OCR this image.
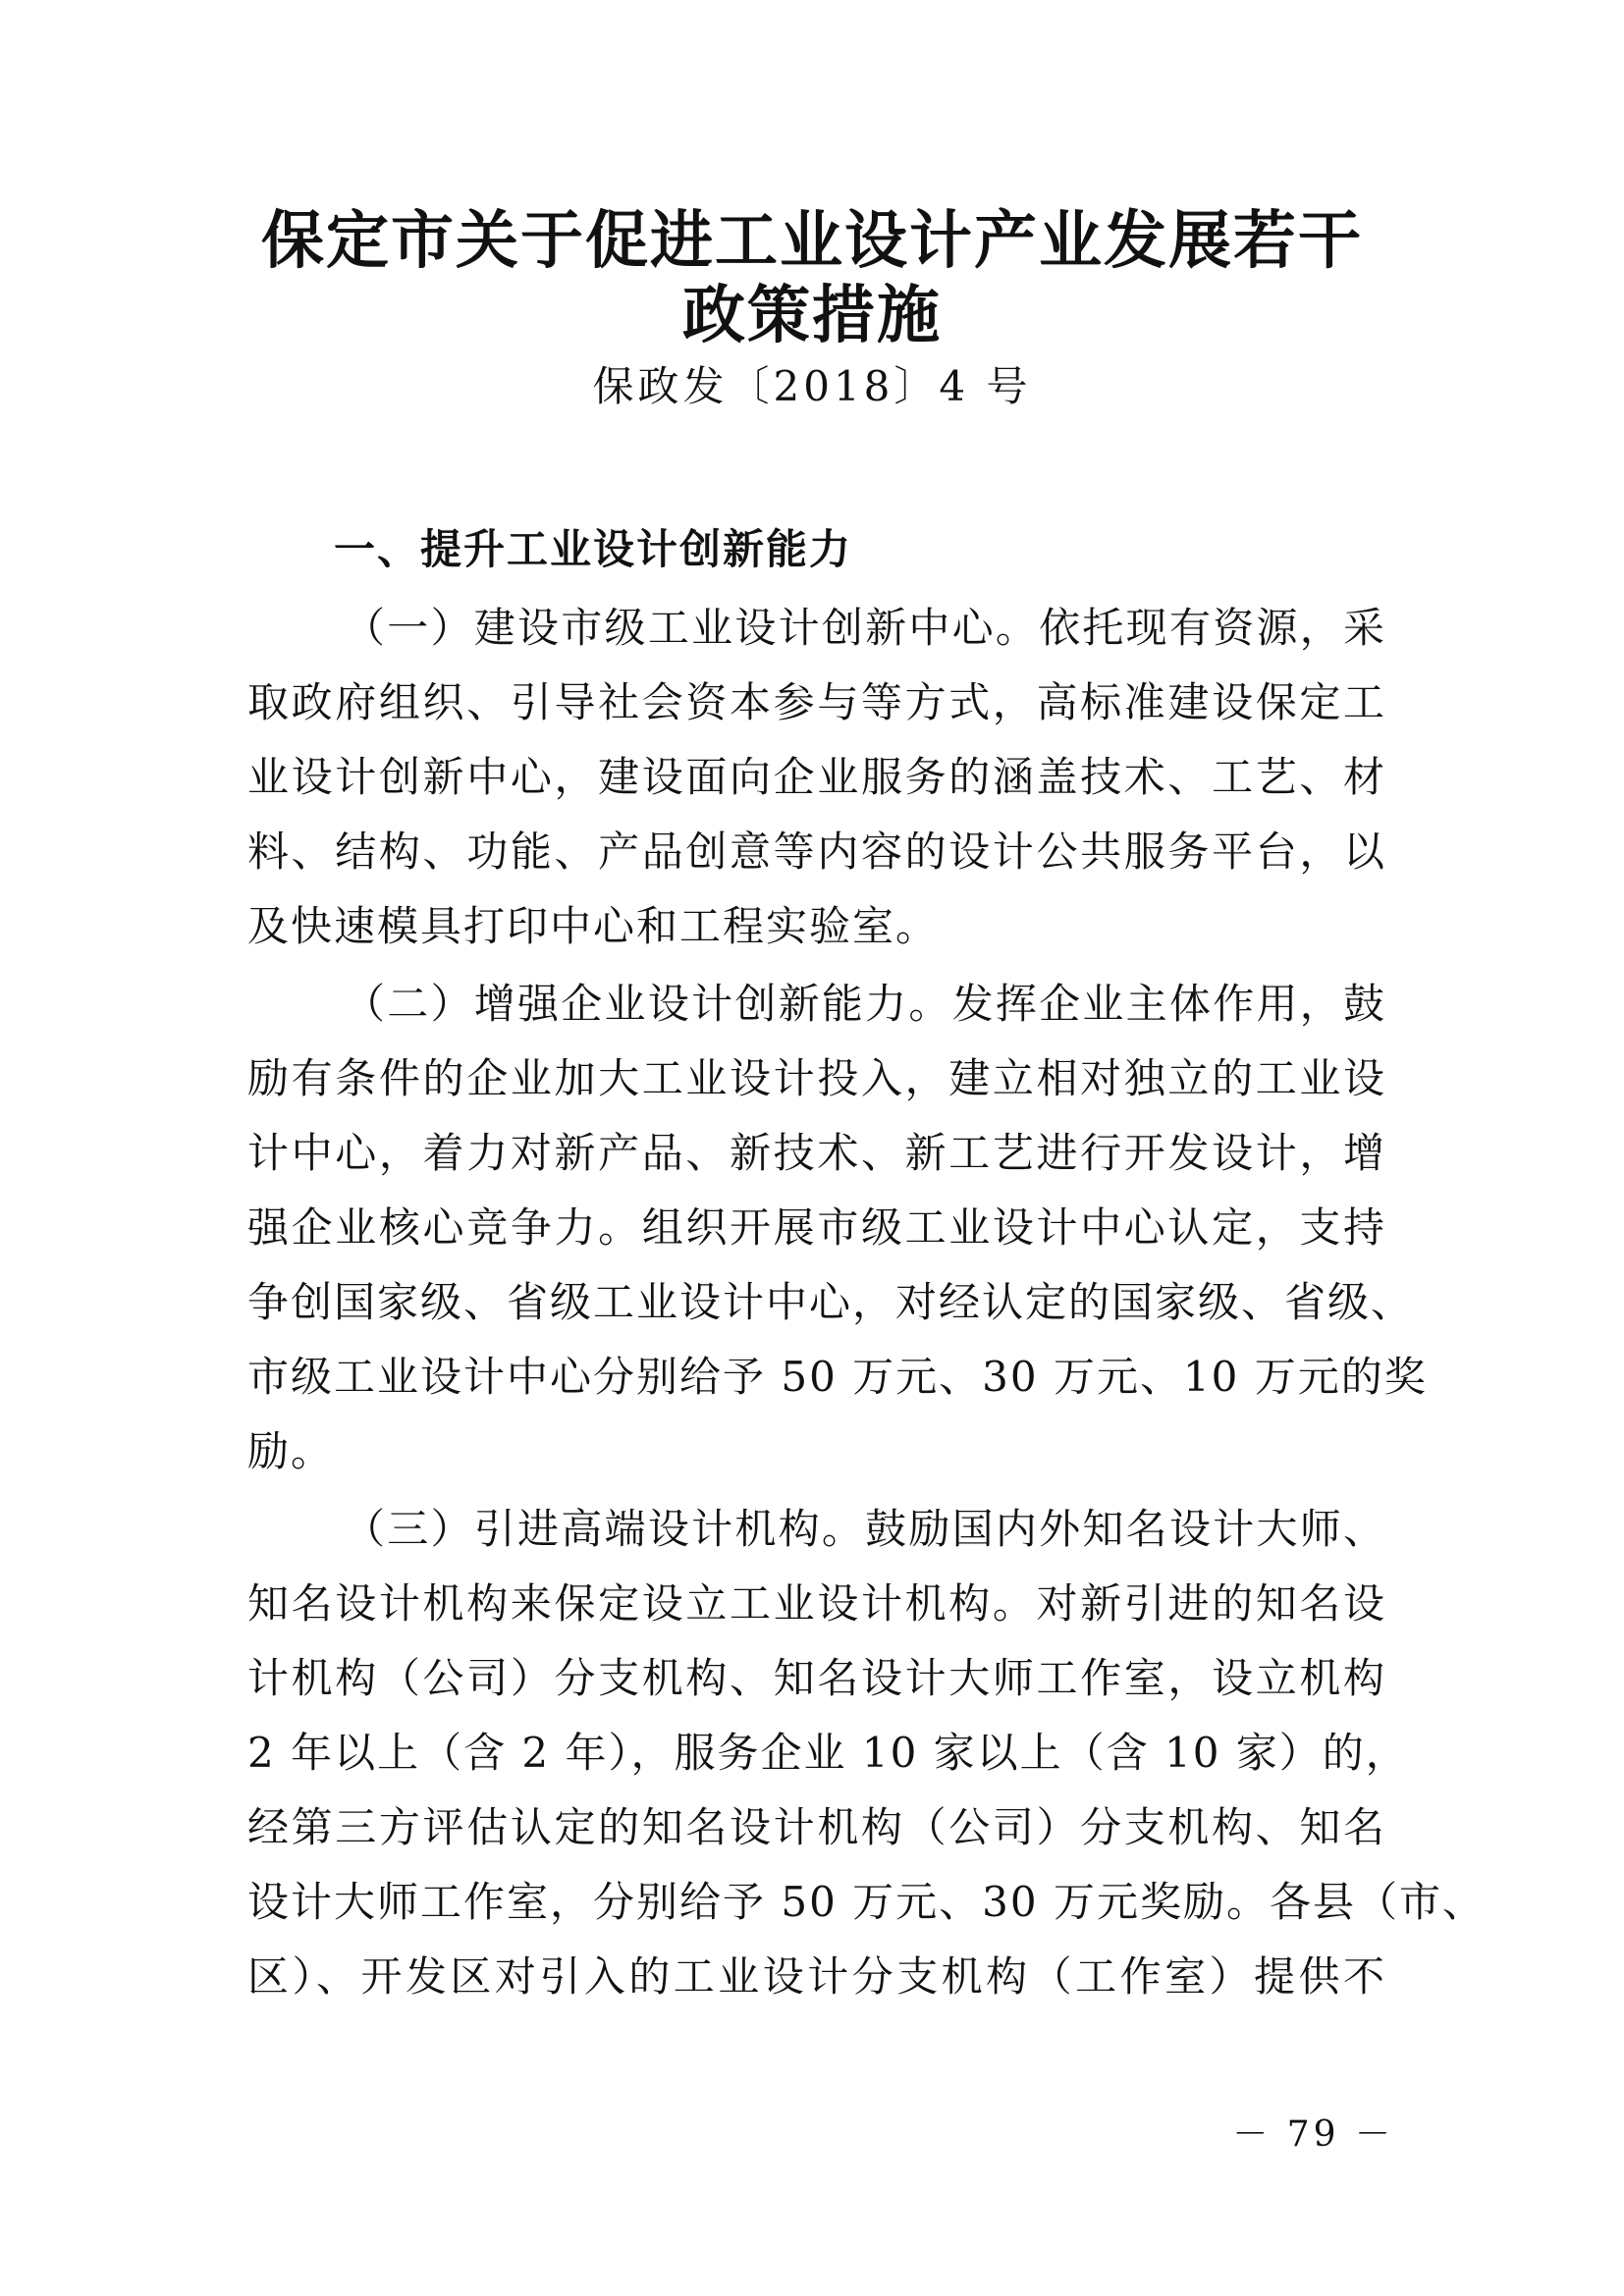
保定市关于促进工业设计产业发展若干
政策措施
保政发〔2018〕4 号
一、提升工业设计创新能力
（一）建设市级工业设计创新中心。依托现有资源，采
取政府组织、引导社会资本参与等方式，高标准建设保定工
业设计创新中心，建设面向企业服务的涵盖技术、工艺、材
料、结构、功能、产品创意等内容的设计公共服务平台，以
及快速模具打印中心和工程实验室。
（二）增强企业设计创新能力。发挥企业主体作用，鼓
励有条件的企业加大工业设计投入，建立相对独立的工业设
计中心，着力对新产品、新技术、新工艺进行开发设计，增
强企业核心竞争力。组织开展市级工业设计中心认定，支持
争创国家级、省级工业设计中心，对经认定的国家级、省级、
市级工业设计中心分别给予 50 万元、30 万元、10 万元的奖
励。
（三）引进高端设计机构。鼓励国内外知名设计大师、
知名设计机构来保定设立工业设计机构。对新引进的知名设
计机构（公司）分支机构、知名设计大师工作室，设立机构
2 年以上（含 2 年），服务企业 10 家以上（含 10 家）的，
经第三方评估认定的知名设计机构（公司）分支机构、知名
设计大师工作室，分别给予 50 万元、30 万元奖励。各县（市、
区）、开发区对引入的工业设计分支机构（工作室）提供不
－ 79 －
